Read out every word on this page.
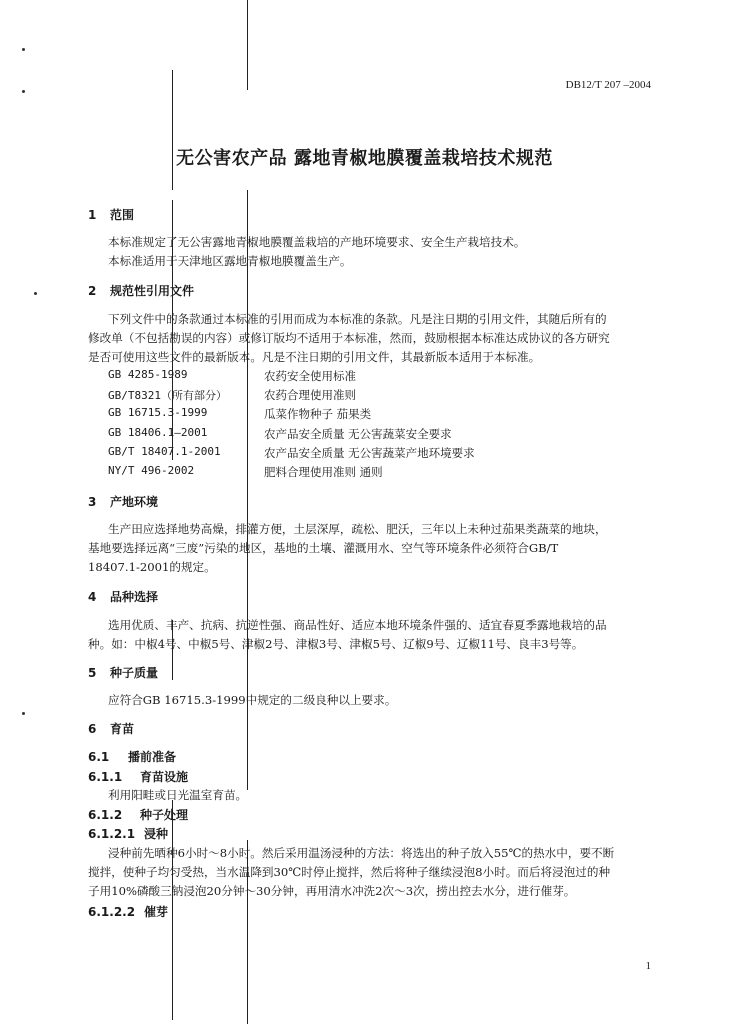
DB12/T 207 –2004
无公害农产品 露地青椒地膜覆盖栽培技术规范
1 范围
本标准规定了无公害露地青椒地膜覆盖栽培的产地环境要求、安全生产栽培技术。
本标准适用于天津地区露地青椒地膜覆盖生产。
2 规范性引用文件
下列文件中的条款通过本标准的引用而成为本标准的条款。凡是注日期的引用文件，其随后所有的
修改单（不包括勘误的内容）或修订版均不适用于本标准，然而，鼓励根据本标准达成协议的各方研究
是否可使用这些文件的最新版本。凡是不注日期的引用文件，其最新版本适用于本标准。
GB 4285-1989	农药安全使用标准
GB/T8321（所有部分）	农药合理使用准则
GB 16715.3-1999	瓜菜作物种子 茄果类
GB 18406.1—2001	农产品安全质量 无公害蔬菜安全要求
GB/T 18407.1-2001	农产品安全质量 无公害蔬菜产地环境要求
NY/T 496-2002	肥料合理使用准则 通则
3 产地环境
生产田应选择地势高燥，排灌方便，土层深厚，疏松、肥沃，三年以上未种过茄果类蔬菜的地块，
基地要选择远离“三废”污染的地区，基地的土壤、灌溉用水、空气等环境条件必须符合GB/T
18407.1-2001的规定。
4 品种选择
选用优质、丰产、抗病、抗逆性强、商品性好、适应本地环境条件强的、适宜春夏季露地栽培的品
种。如：中椒4号、中椒5号、津椒2号、津椒3号、津椒5号、辽椒9号、辽椒11号、良丰3号等。
5 种子质量
应符合GB 16715.3-1999中规定的二级良种以上要求。
6 育苗
6.1 播前准备
6.1.1 育苗设施
利用阳畦或日光温室育苗。
6.1.2 种子处理
6.1.2.1 浸种
浸种前先晒种6小时～8小时。然后采用温汤浸种的方法：将选出的种子放入55℃的热水中，要不断
搅拌，使种子均匀受热，当水温降到30℃时停止搅拌，然后将种子继续浸泡8小时。而后将浸泡过的种
子用10%磷酸三钠浸泡20分钟～30分钟，再用清水冲洗2次～3次，捞出控去水分，进行催芽。
6.1.2.2 催芽
1
